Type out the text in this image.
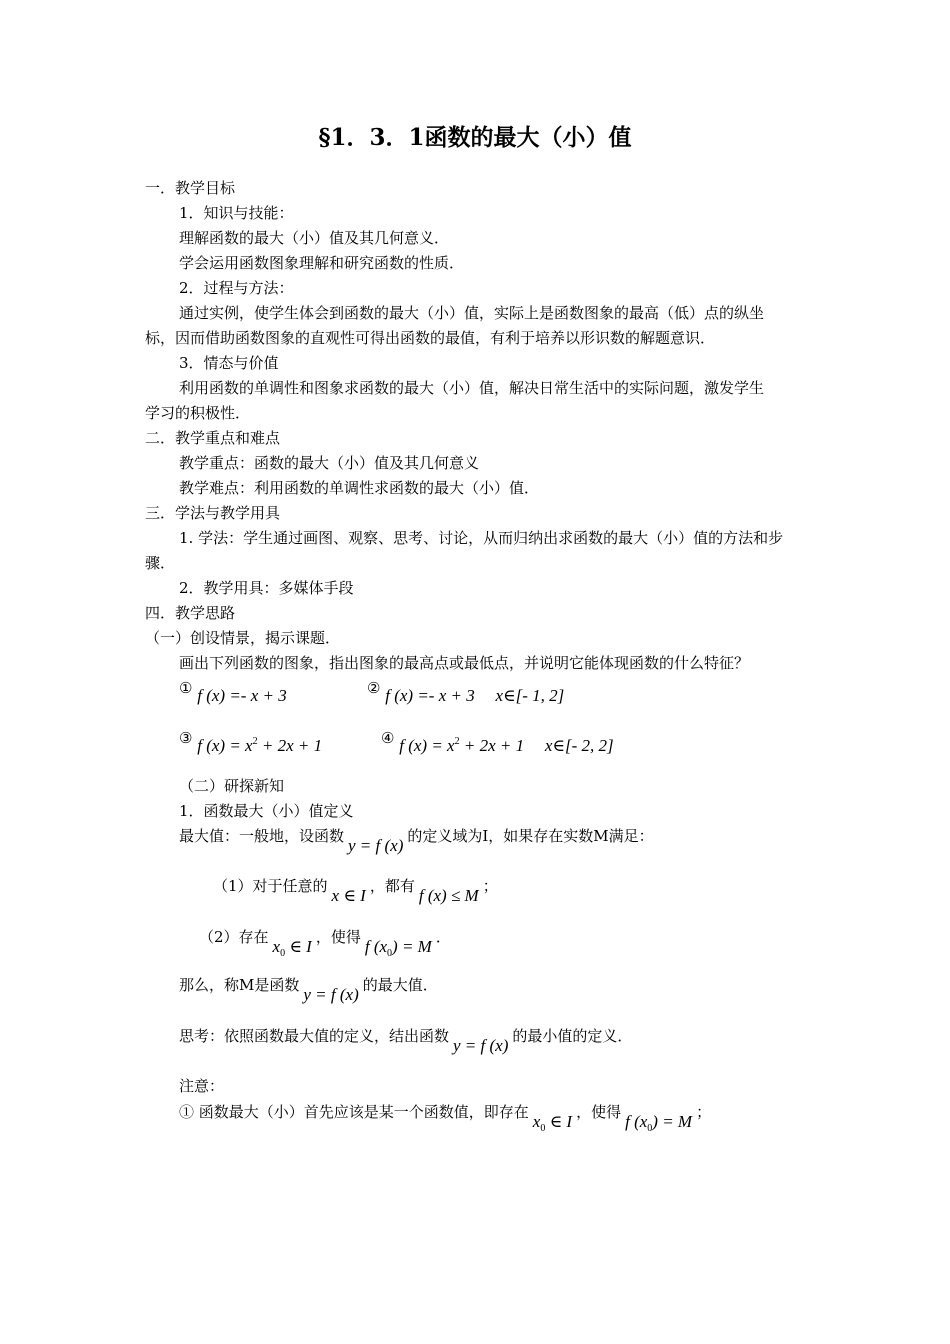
§1．3．1函数的最大（小）值
一．教学目标
1．知识与技能：
理解函数的最大（小）值及其几何意义．
学会运用函数图象理解和研究函数的性质．
2．过程与方法：
通过实例，使学生体会到函数的最大（小）值，实际上是函数图象的最高（低）点的纵坐
标，因而借助函数图象的直观性可得出函数的最值，有利于培养以形识数的解题意识．
3．情态与价值
利用函数的单调性和图象求函数的最大（小）值，解决日常生活中的实际问题，激发学生
学习的积极性．
二．教学重点和难点
教学重点：函数的最大（小）值及其几何意义
教学难点：利用函数的单调性求函数的最大（小）值．
三．学法与教学用具
1. 学法：学生通过画图、观察、思考、讨论，从而归纳出求函数的最大（小）值的方法和步
骤．
2．教学用具：多媒体手段
四．教学思路
（一）创设情景，揭示课题．
画出下列函数的图象，指出图象的最高点或最低点，并说明它能体现函数的什么特征？
① f (x) =- x + 3	② f (x) =- x + 3 x∈[- 1, 2]
③ f $(x) = x^2 + 2x + 1$	④ f $(x) = x^2 + 2x + 1$ x∈[- 2, 2]
（二）研探新知
1．函数最大（小）值定义
最大值：一般地，设函数 y = f (x) 的定义域为I，如果存在实数M满足：
（1）对于任意的 x ∈ I ，都有 f (x) ≤ M ；
（2）存在 $x_0$ ∈ I ，使得 f $(x_0) = M$ ．
那么，称M是函数 y = f (x) 的最大值．
思考：依照函数最大值的定义，结出函数 y = f (x) 的最小值的定义．
注意：
① 函数最大（小）首先应该是某一个函数值，即存在 $x_0$ ∈ I ，使得 f $(x_0) = M$ ；
